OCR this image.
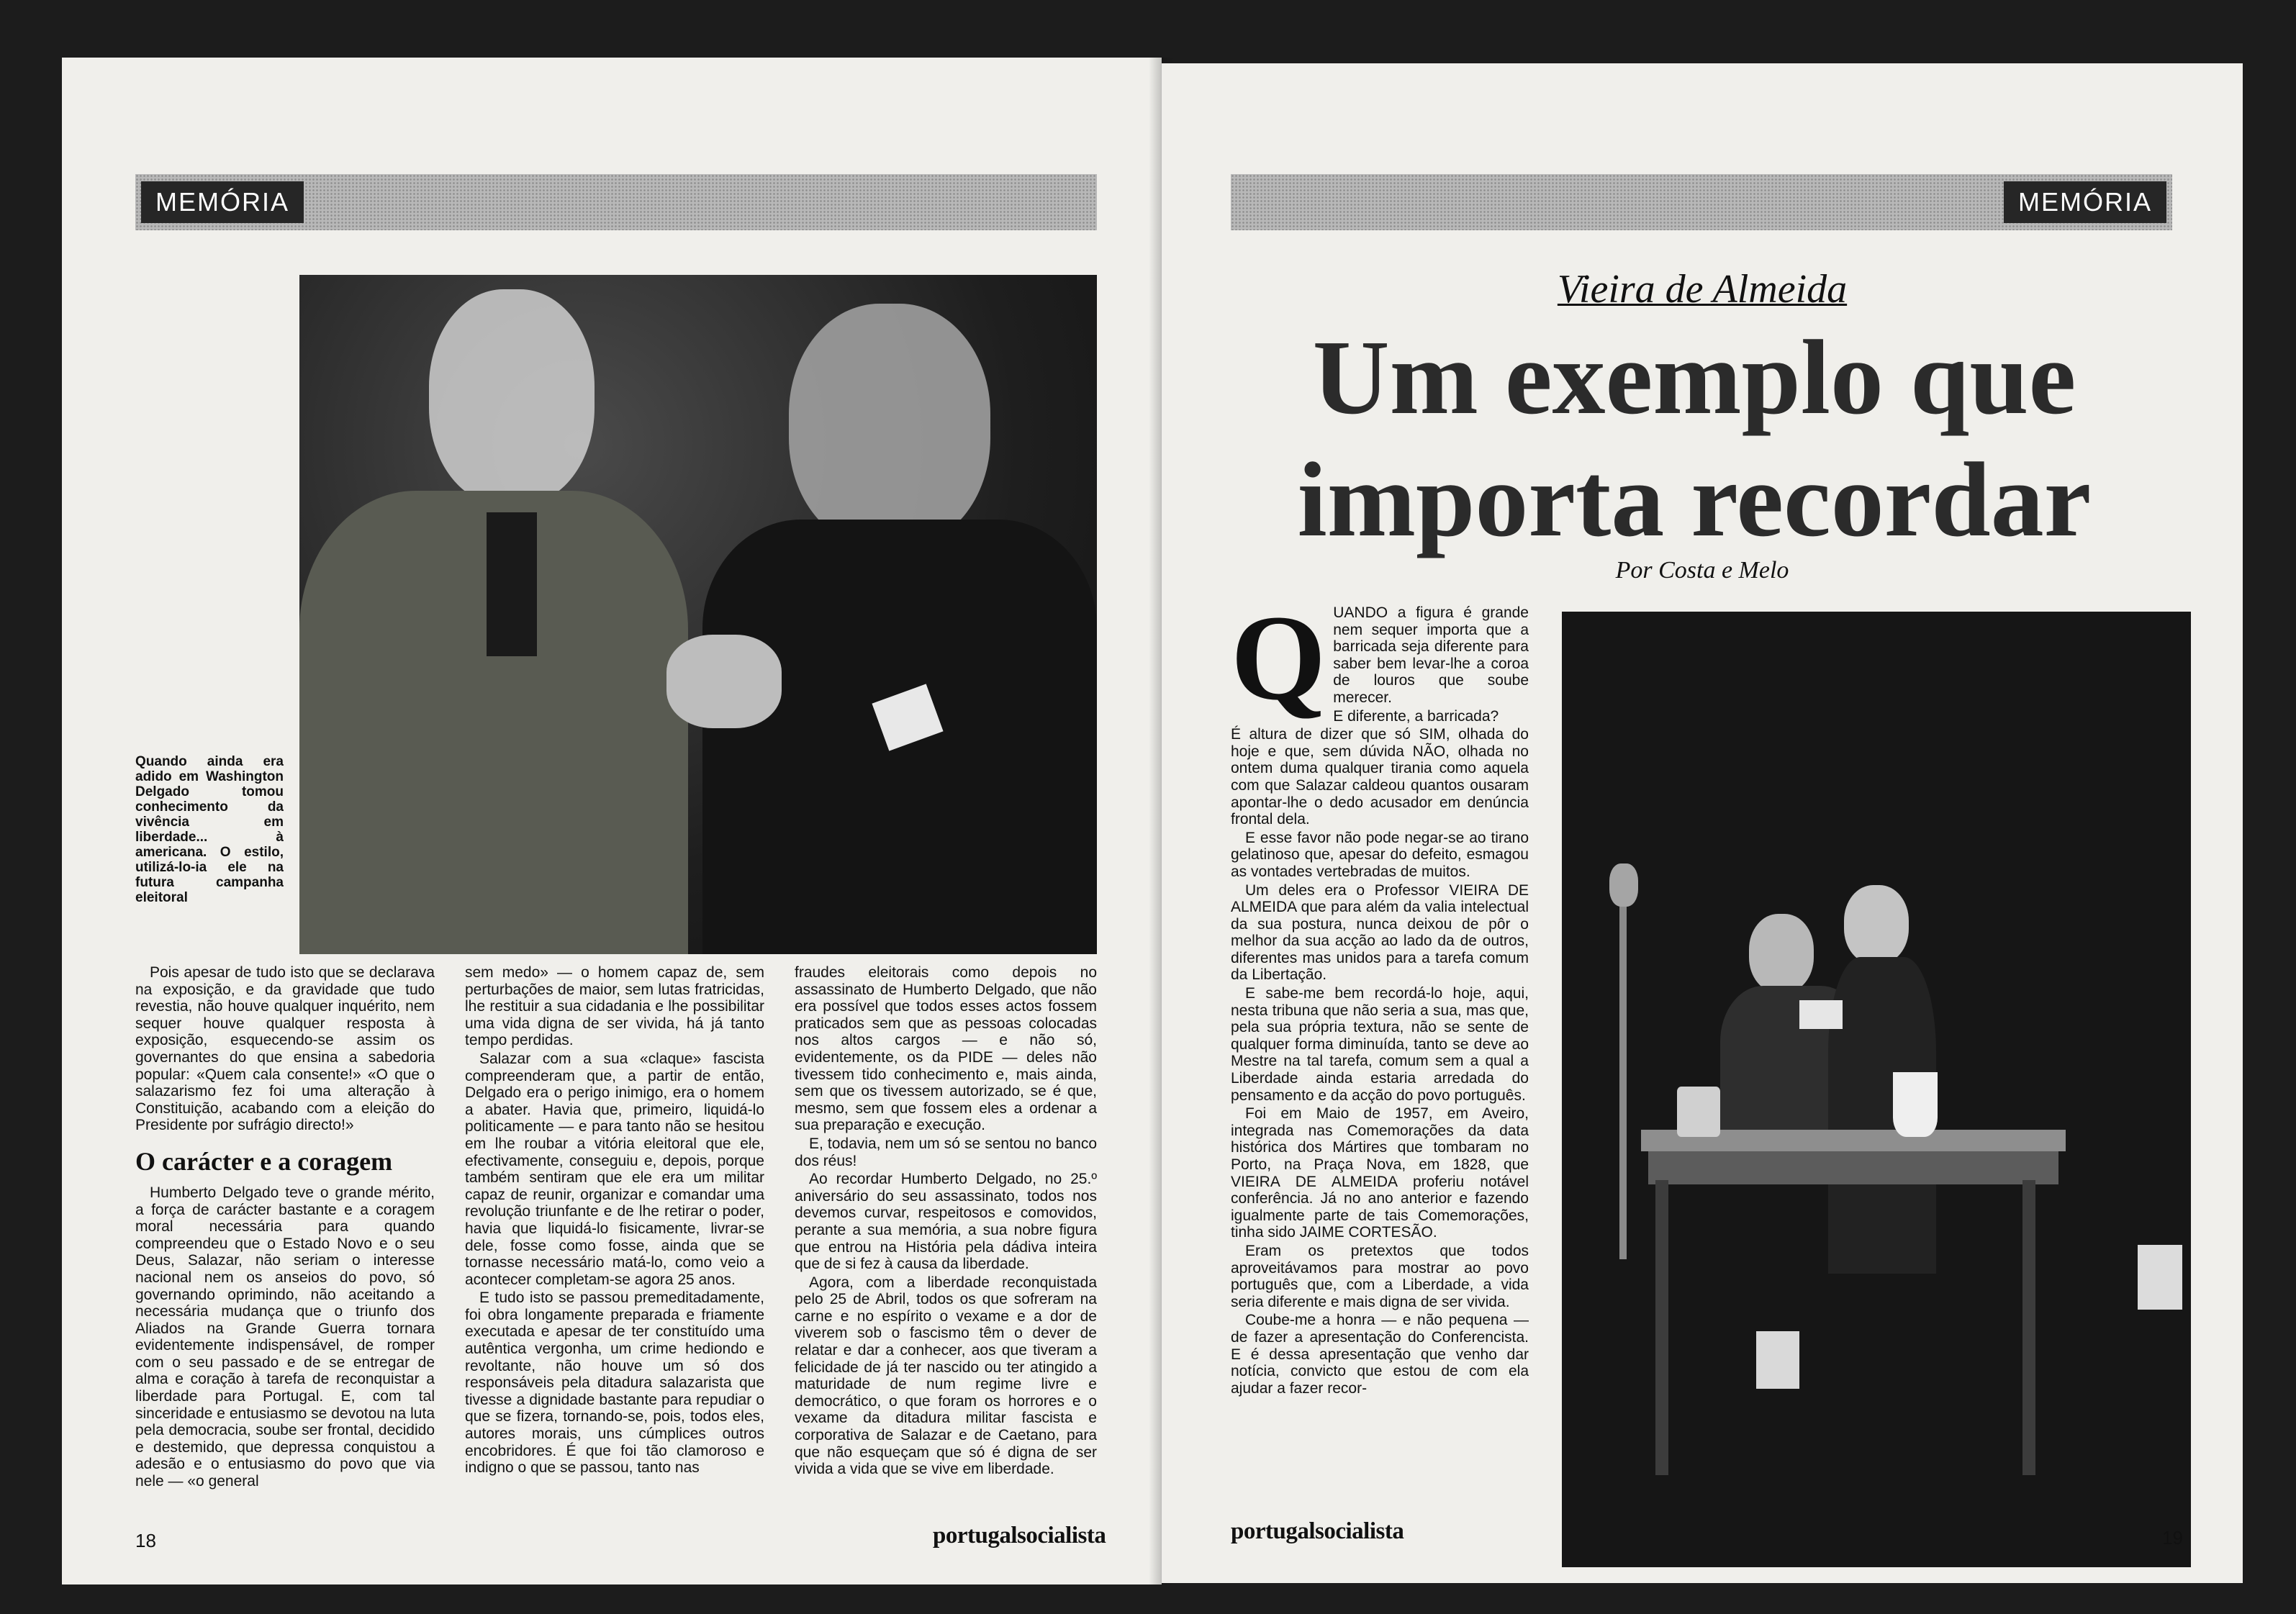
MEMÓRIA
Quando ainda era adido em Washington Delgado tomou conhecimento da vivência em liberdade... à americana. O estilo, utilizá-lo-ia ele na futura campanha eleitoral

Pois apesar de tudo isto que se declarava na exposição, e da gravidade que tudo revestia, não houve qualquer inquérito, nem sequer houve qualquer resposta à exposição, esquecendo-se assim os governantes do que ensina a sabedoria popular: «Quem cala consente!» «O que o salazarismo fez foi uma alteração à Constituição, acabando com a eleição do Presidente por sufrágio directo!»

O carácter e a coragem

Humberto Delgado teve o grande mérito, a força de carácter bastante e a coragem moral necessária para quando compreendeu que o Estado Novo e o seu Deus, Salazar, não seriam o interesse nacional nem os anseios do povo, só governando oprimindo, não aceitando a necessária mudança que o triunfo dos Aliados na Grande Guerra tornara evidentemente indispensável, de romper com o seu passado e de se entregar de alma e coração à tarefa de reconquistar a liberdade para Portugal. E, com tal sinceridade e entusiasmo se devotou na luta pela democracia, soube ser frontal, decidido e destemido, que depressa conquistou a adesão e o entusiasmo do povo que via nele — «o general

sem medo» — o homem capaz de, sem perturbações de maior, sem lutas fratricidas, lhe restituir a sua cidadania e lhe possibilitar uma vida digna de ser vivida, há já tanto tempo perdidas.

Salazar com a sua «claque» fascista compreenderam que, a partir de então, Delgado era o perigo inimigo, era o homem a abater. Havia que, primeiro, liquidá-lo politicamente — e para tanto não se hesitou em lhe roubar a vitória eleitoral que ele, efectivamente, conseguiu e, depois, porque também sentiram que ele era um militar capaz de reunir, organizar e comandar uma revolução triunfante e de lhe retirar o poder, havia que liquidá-lo fisicamente, livrar-se dele, fosse como fosse, ainda que se tornasse necessário matá-lo, como veio a acontecer completam-se agora 25 anos.

E tudo isto se passou premeditadamente, foi obra longamente preparada e friamente executada e apesar de ter constituído uma autêntica vergonha, um crime hediondo e revoltante, não houve um só dos responsáveis pela ditadura salazarista que tivesse a dignidade bastante para repudiar o que se fizera, tornando-se, pois, todos eles, autores morais, uns cúmplices outros encobridores. É que foi tão clamoroso e indigno o que se passou, tanto nas

fraudes eleitorais como depois no assassinato de Humberto Delgado, que não era possível que todos esses actos fossem praticados sem que as pessoas colocadas nos altos cargos — e não só, evidentemente, os da PIDE — deles não tivessem tido conhecimento e, mais ainda, sem que os tivessem autorizado, se é que, mesmo, sem que fossem eles a ordenar a sua preparação e execução.

E, todavia, nem um só se sentou no banco dos réus!

Ao recordar Humberto Delgado, no 25.º aniversário do seu assassinato, todos nos devemos curvar, respeitosos e comovidos, perante a sua memória, a sua nobre figura que entrou na História pela dádiva inteira que de si fez à causa da liberdade.

Agora, com a liberdade reconquistada pelo 25 de Abril, todos os que sofreram na carne e no espírito o vexame e a dor de viverem sob o fascismo têm o dever de relatar e dar a conhecer, aos que tiveram a felicidade de já ter nascido ou ter atingido a maturidade de num regime livre e democrático, o que foram os horrores e o vexame da ditadura militar fascista e corporativa de Salazar e de Caetano, para que não esqueçam que só é digna de ser vivida a vida que se vive em liberdade.

18	portugalsocialista
MEMÓRIA
Vieira de Almeida
Um exemplo que importa recordar
Por Costa e Melo

QUANDO a figura é grande nem sequer importa que a barricada seja diferente para saber bem levar-lhe a coroa de louros que soube merecer.

E diferente, a barricada?

É altura de dizer que só SIM, olhada do hoje e que, sem dúvida NÃO, olhada no ontem duma qualquer tirania como aquela com que Salazar caldeou quantos ousaram apontar-lhe o dedo acusador em denúncia frontal dela.

E esse favor não pode negar-se ao tirano gelatinoso que, apesar do defeito, esmagou as vontades vertebradas de muitos.

Um deles era o Professor VIEIRA DE ALMEIDA que para além da valia intelectual da sua postura, nunca deixou de pôr o melhor da sua acção ao lado da de outros, diferentes mas unidos para a tarefa comum da Libertação.

E sabe-me bem recordá-lo hoje, aqui, nesta tribuna que não seria a sua, mas que, pela sua própria textura, não se sente de qualquer forma diminuída, tanto se deve ao Mestre na tal tarefa, comum sem a qual a Liberdade ainda estaria arredada do pensamento e da acção do povo português.

Foi em Maio de 1957, em Aveiro, integrada nas Comemorações da data histórica dos Mártires que tombaram no Porto, na Praça Nova, em 1828, que VIEIRA DE ALMEIDA proferiu notável conferência. Já no ano anterior e fazendo igualmente parte de tais Comemorações, tinha sido JAIME CORTESÃO.

Eram os pretextos que todos aproveitávamos para mostrar ao povo português que, com a Liberdade, a vida seria diferente e mais digna de ser vivida.

Coube-me a honra — e não pequena — de fazer a apresentação do Conferencista. E é dessa apresentação que venho dar notícia, convicto que estou de com ela ajudar a fazer recor-

portugalsocialista	19
